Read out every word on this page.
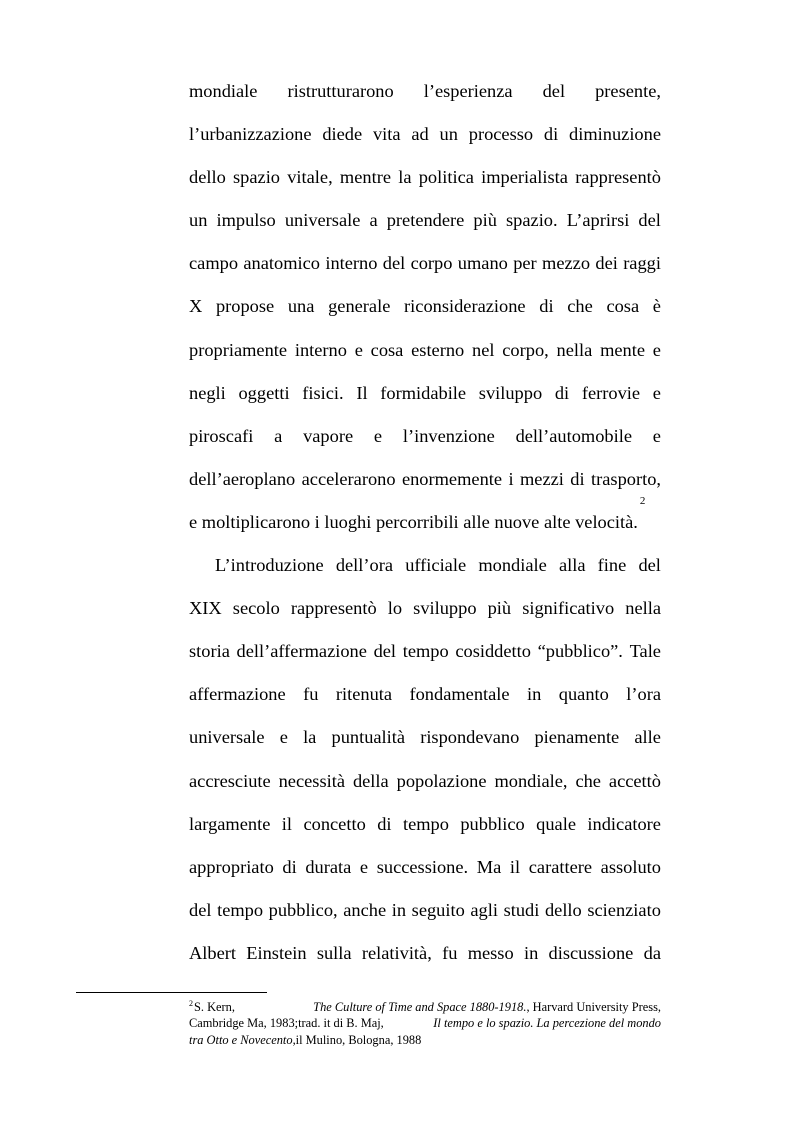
mondiale ristrutturarono l’esperienza del presente,
l’urbanizzazione diede vita ad un processo di diminuzione
dello spazio vitale, mentre la politica imperialista rappresentò
un impulso universale a pretendere più spazio. L’aprirsi del
campo anatomico interno del corpo umano per mezzo dei raggi
X propose una generale riconsiderazione di che cosa è
propriamente interno e cosa esterno nel corpo, nella mente e
negli oggetti fisici. Il formidabile sviluppo di ferrovie e
piroscafi a vapore e l’invenzione dell’automobile e
dell’aeroplano accelerarono enormemente i mezzi di trasporto,
e moltiplicarono i luoghi percorribili alle nuove alte velocità.
2
L’introduzione dell’ora ufficiale mondiale alla fine del
XIX secolo rappresentò lo sviluppo più significativo nella
storia dell’affermazione del tempo cosiddetto “pubblico”. Tale
affermazione fu ritenuta fondamentale in quanto l’ora
universale e la puntualità rispondevano pienamente alle
accresciute necessità della popolazione mondiale, che accettò
largamente il concetto di tempo pubblico quale indicatore
appropriato di durata e successione. Ma il carattere assoluto
del tempo pubblico, anche in seguito agli studi dello scienziato
Albert Einstein sulla relatività, fu messo in discussione da
$^2$S. Kern,	The Culture of Time and Space 1880-1918., Harvard University Press,
Cambridge Ma, 1983;trad. it di B. Maj,	Il tempo e lo spazio. La percezione del mondo
tra Otto e Novecento, il Mulino, Bologna, 1988
